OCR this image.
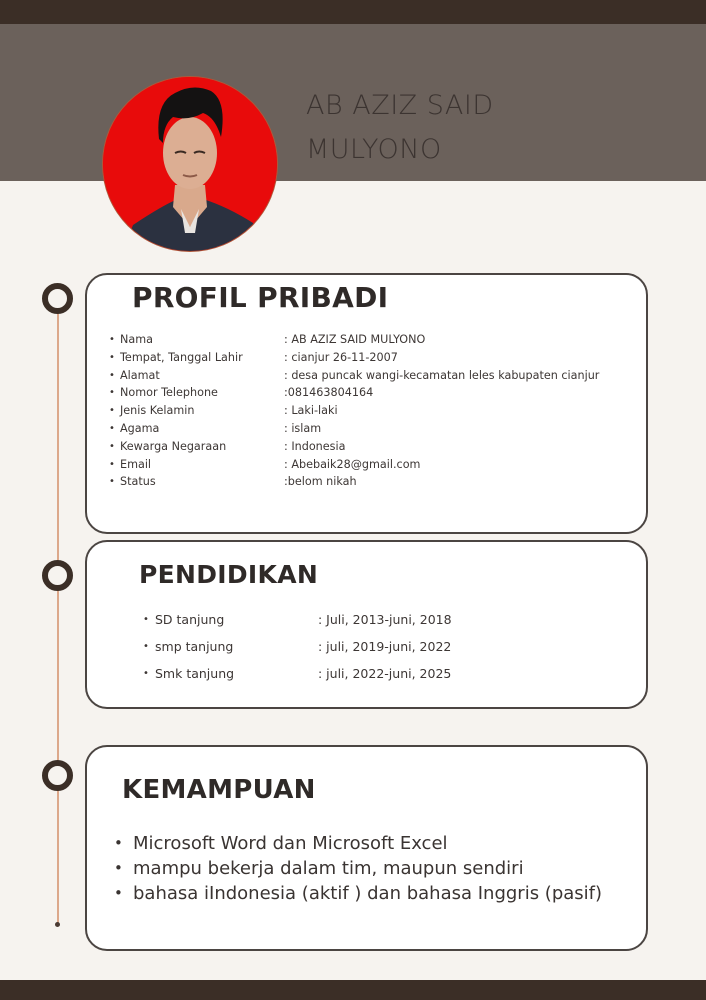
AB AZIZ SAID
MULYONO
PROFIL PRIBADI
• Nama	: AB AZIZ SAID MULYONO
• Tempat, Tanggal Lahir	: cianjur 26-11-2007
• Alamat	: desa puncak wangi-kecamatan leles kabupaten cianjur
• Nomor Telephone	:081463804164
• Jenis Kelamin	: Laki-laki
• Agama	: islam
• Kewarga Negaraan	: Indonesia
• Email	: Abebaik28@gmail.com
• Status	:belom nikah
PENDIDIKAN
• SD tanjung	: Juli, 2013-juni, 2018
• smp tanjung	: juli, 2019-juni, 2022
• Smk tanjung	: juli, 2022-juni, 2025
KEMAMPUAN
• Microsoft Word dan Microsoft Excel
• mampu bekerja dalam tim, maupun sendiri
• bahasa iIndonesia (aktif ) dan bahasa Inggris (pasif)
